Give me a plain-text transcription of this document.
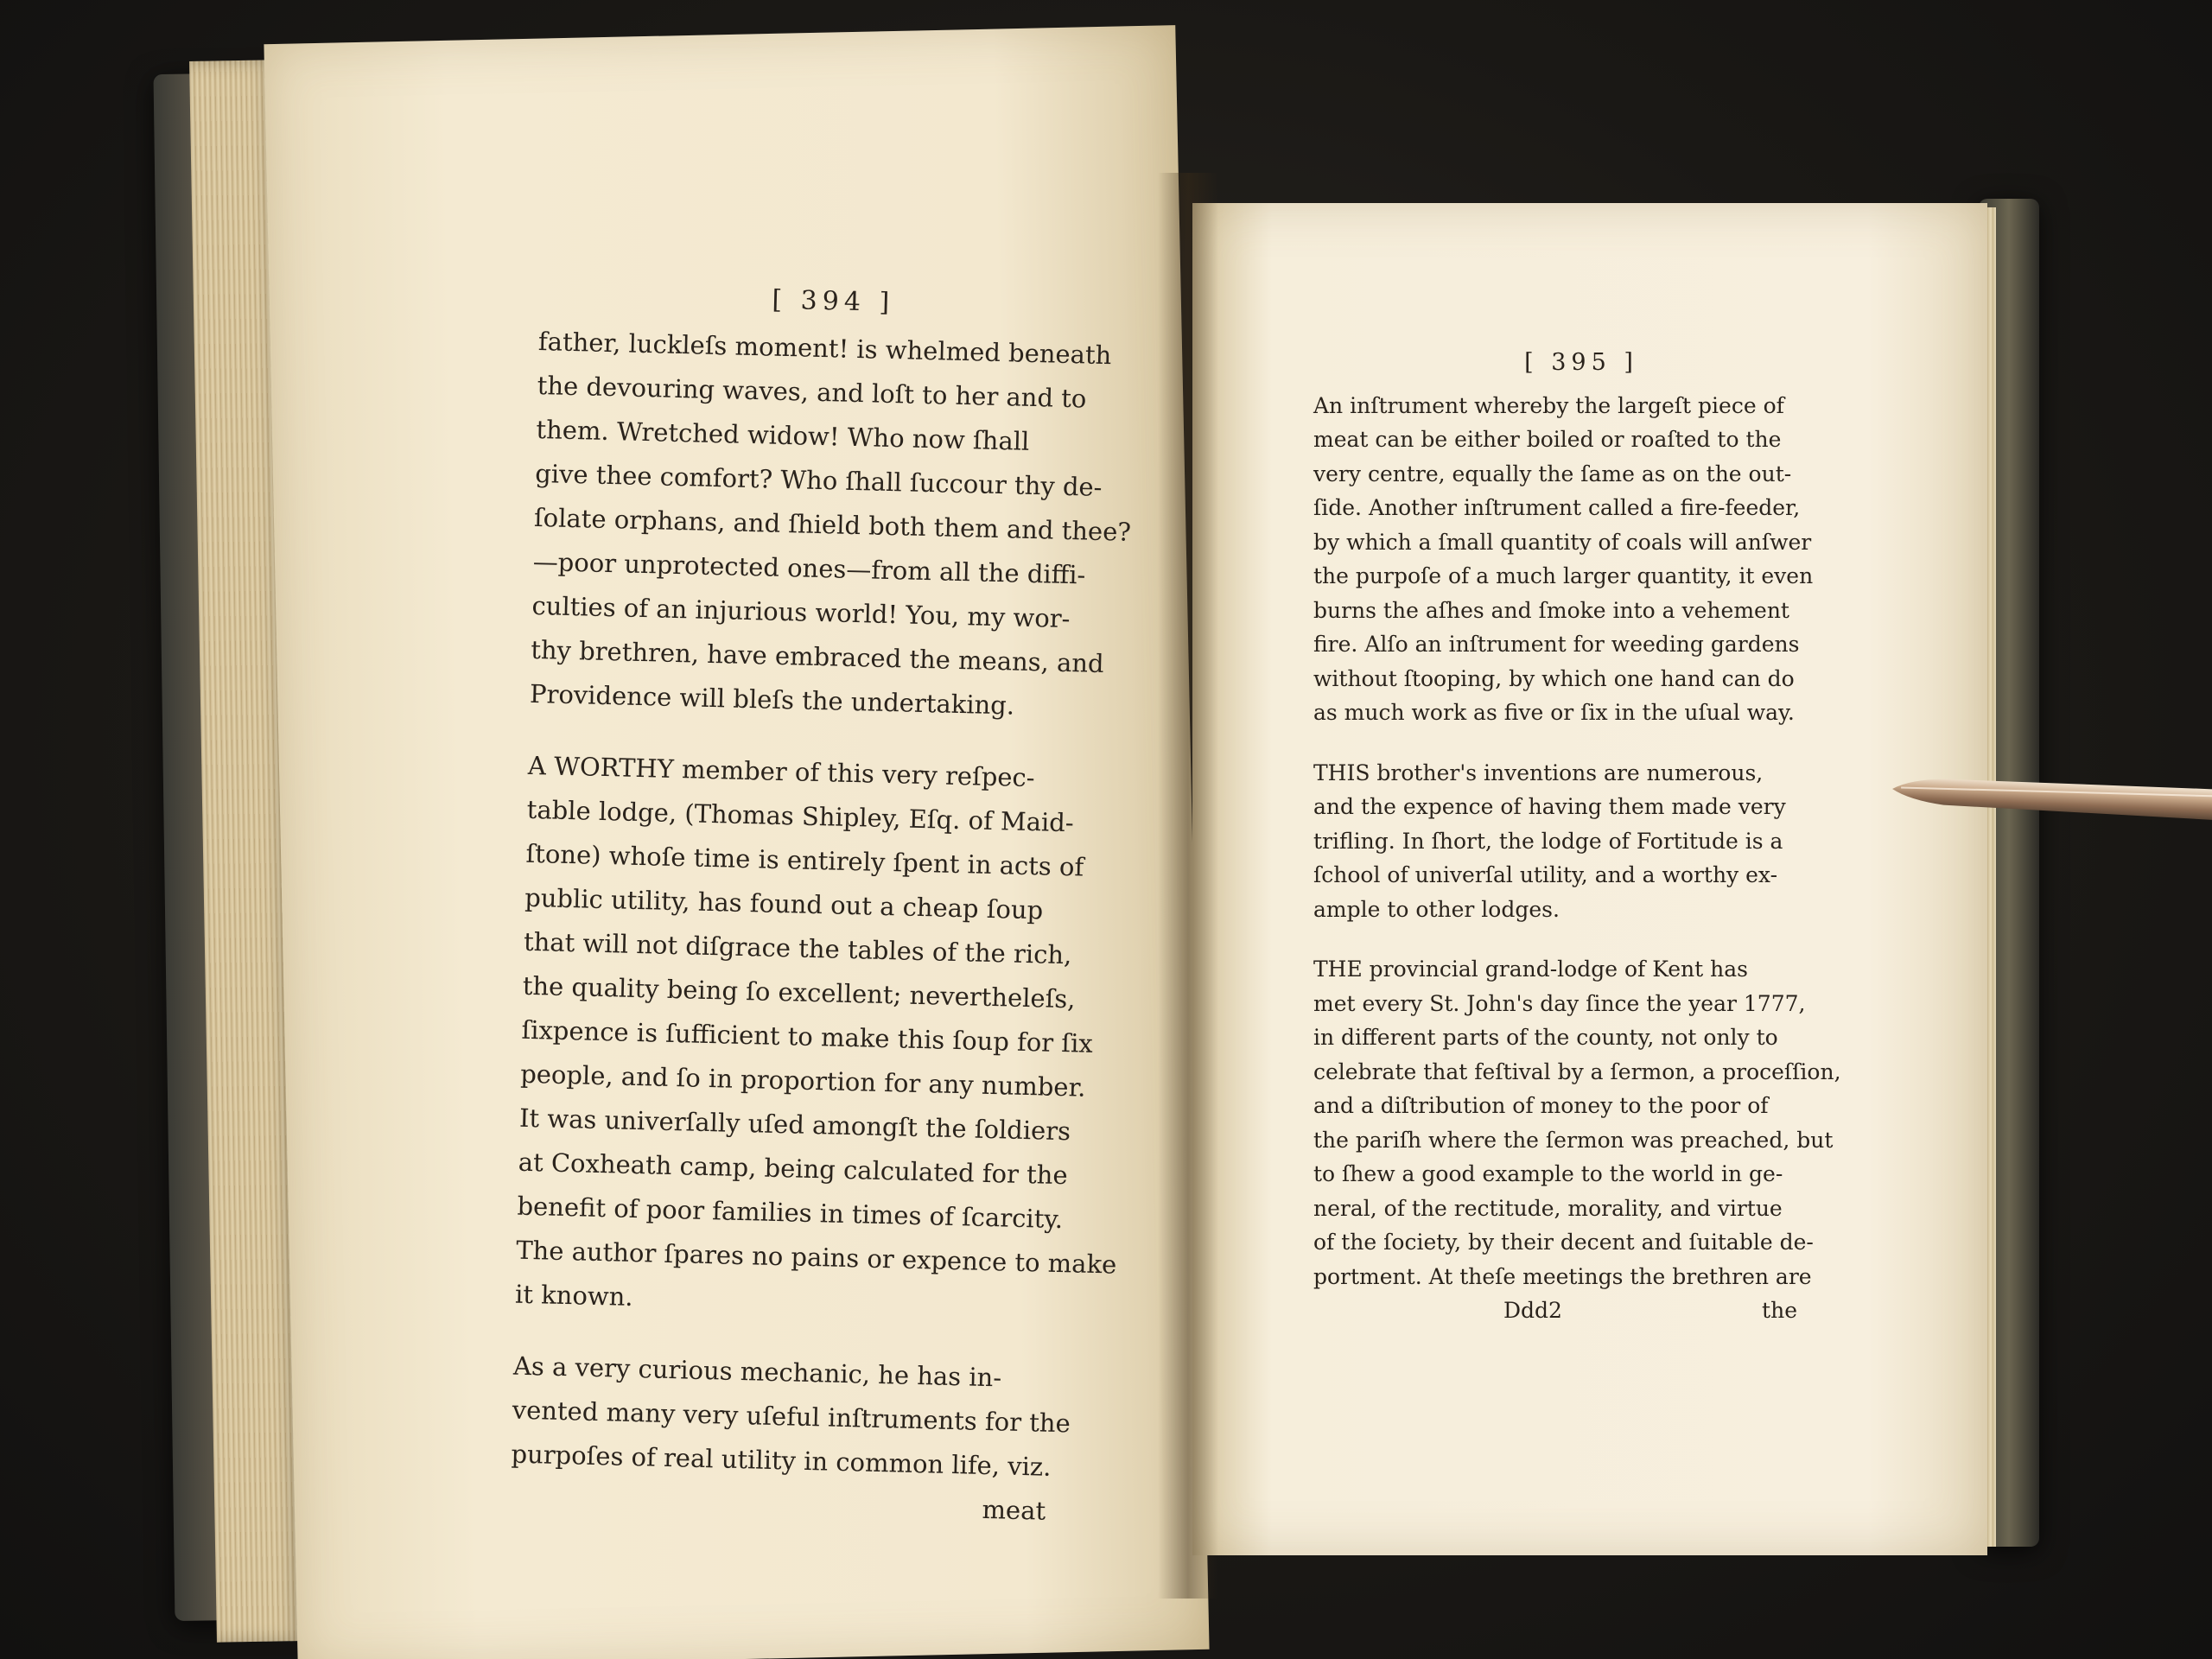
[ 394 ]

father, luckleſs moment! is whelmed beneath
the devouring waves, and loſt to her and to
them. Wretched widow! Who now ſhall
give thee comfort? Who ſhall ſuccour thy de-
ſolate orphans, and ſhield both them and thee?
—poor unprotected ones—from all the diffi-
culties of an injurious world! You, my wor-
thy brethren, have embraced the means, and
Providence will bleſs the undertaking.

A WORTHY member of this very reſpec-
table lodge, (Thomas Shipley, Eſq. of Maid-
ſtone) whoſe time is entirely ſpent in acts of
public utility, has found out a cheap ſoup
that will not diſgrace the tables of the rich,
the quality being ſo excellent; nevertheleſs,
ſixpence is ſufficient to make this ſoup for ſix
people, and ſo in proportion for any number.
It was univerſally uſed amongſt the ſoldiers
at Coxheath camp, being calculated for the
benefit of poor families in times of ſcarcity.
The author ſpares no pains or expence to make
it known.

As a very curious mechanic, he has in-
vented many very uſeful inſtruments for the
purpoſes of real utility in common life, viz.

meat
[ 395 ]

An inſtrument whereby the largeſt piece of
meat can be either boiled or roaſted to the
very centre, equally the ſame as on the out-
ſide. Another inſtrument called a fire-feeder,
by which a ſmall quantity of coals will anſwer
the purpoſe of a much larger quantity, it even
burns the aſhes and ſmoke into a vehement
fire. Alſo an inſtrument for weeding gardens
without ſtooping, by which one hand can do
as much work as five or ſix in the uſual way.

THIS brother's inventions are numerous,
and the expence of having them made very
trifling. In ſhort, the lodge of Fortitude is a
ſchool of univerſal utility, and a worthy ex-
ample to other lodges.

THE provincial grand-lodge of Kent has
met every St. John's day ſince the year 1777,
in different parts of the county, not only to
celebrate that feſtival by a ſermon, a proceſſion,
and a diſtribution of money to the poor of
the pariſh where the ſermon was preached, but
to ſhew a good example to the world in ge-
neral, of the rectitude, morality, and virtue
of the ſociety, by their decent and ſuitable de-
portment. At theſe meetings the brethren are

Ddd2	the
